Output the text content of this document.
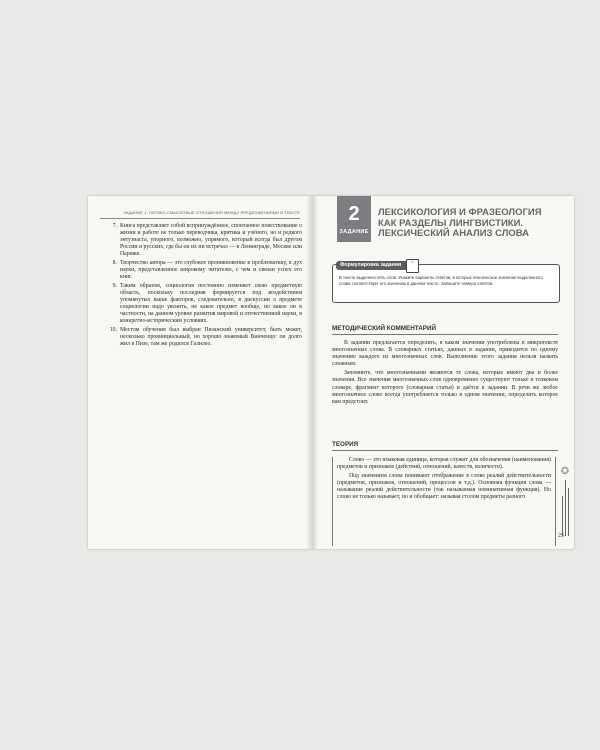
ЗАДАНИЕ 1. ЛОГИКО-СМЫСЛОВЫЕ ОТНОШЕНИЯ МЕЖДУ ПРЕДЛОЖЕНИЯМИ В ТЕКСТЕ
7. Книга представляет собой вспринуждённое, спонтанное повествование о жизни и работе не только переводчика, критика и учёного, но и редкого энтузиаста, упорного, возможно, упрямого, который всегда был другом России и русских, где бы он их ни встречал — в Ленинграде, Москве или Париже.
8. Творчество автора — это глубокое проникновение в проблематику, в дух науки, представленное широкому читателю, с чем и связан успех его книг.
9. Таким образом, социология постоянно изменяет свою предметную область, поскольку последняя формируется под воздействием упомянутых выше факторов, следовательно, в дискуссии о предмете социологии надо уяснить, не какое предмет вообще, но какое он в частности, на данном уровне развития мировой и отечественной науки, в конкретно-историческим условиях.
10. Местом обучения был выбран Пизанский университет, быть может, несколько провинциальный, но хорошо знакомый Винченцо: он долго жил в Пизе, там же родился Галилео.
2
ЗАДАНИЕ
ЛЕКСИКОЛОГИЯ И ФРАЗЕОЛОГИЯ КАК РАЗДЕЛЫ ЛИНГВИСТИКИ. ЛЕКСИЧЕСКИЙ АНАЛИЗ СЛОВА
Формулировка задания
≡
В тексте выделено пять слов. Укажите варианты ответов, в которых лексическое значение выделенного слова соответствует его значению в данном тексте. Запишите номера ответов.
МЕТОДИЧЕСКИЙ КОММЕНТАРИЙ

В задании предлагается определить, в каком значении употреблены в микротексте многозначные слова. В словарных статьях, данных в задании, приводится по одному значению каждого из многозначных слов. Выполнение этого задания нельзя назвать сложным.

Запомните, что многозначными являются те слова, которые имеют два и более значения. Все значения многозначных слов одновременно существуют только в толковом словаре, фрагмент которого (словарная статья) и даётся в задании. В речи же любое многозначное слово всегда употребляется только в одном значении, определить которое вам предстоит.

ТЕОРИЯ

Слово — это языковая единица, которая служит для обозначения (наименования) предметов и признаков (действий, отношений, качеств, количеств).

Под значением слова понимают отображение в слове реалий действительности (предметов, признаков, отношений, процессов и т.д.). Основная функция слова — называние реалий действительности (так называемая номинативная функция). Но слово не только называет, но и обобщает: называя столом предметы разного

✪
25
